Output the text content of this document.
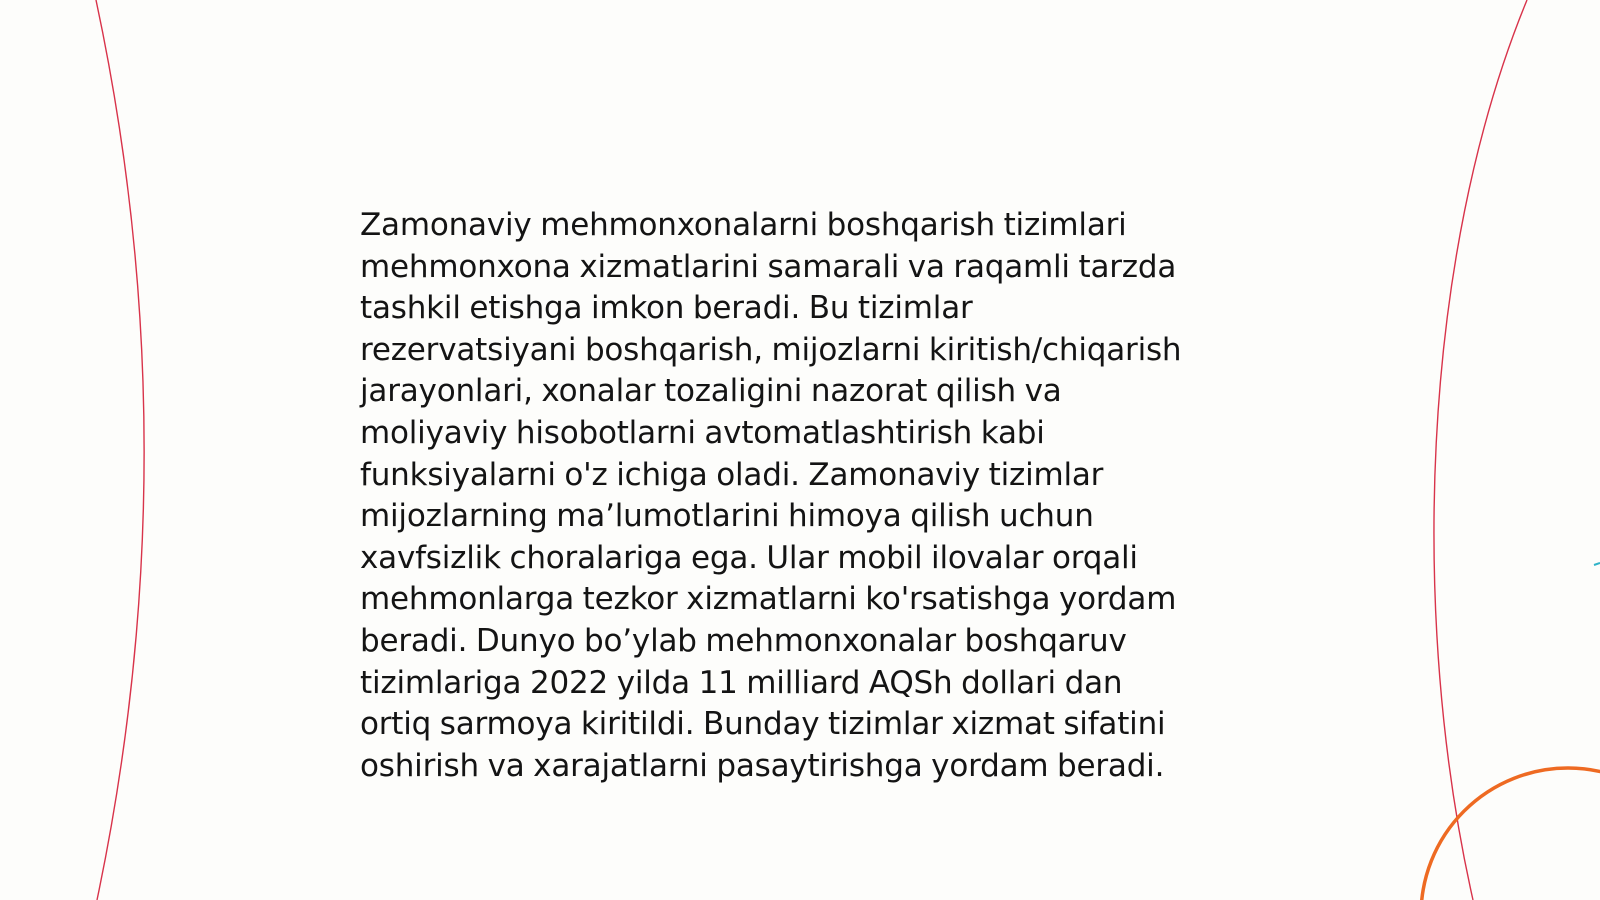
Zamonaviy mehmonxonalarni boshqarish tizimlari
mehmonxona xizmatlarini samarali va raqamli tarzda
tashkil etishga imkon beradi. Bu tizimlar
rezervatsiyani boshqarish, mijozlarni kiritish/chiqarish
jarayonlari, xonalar tozaligini nazorat qilish va
moliyaviy hisobotlarni avtomatlashtirish kabi
funksiyalarni o'z ichiga oladi. Zamonaviy tizimlar
mijozlarning ma’lumotlarini himoya qilish uchun
xavfsizlik choralariga ega. Ular mobil ilovalar orqali
mehmonlarga tezkor xizmatlarni ko'rsatishga yordam
beradi. Dunyo bo’ylab mehmonxonalar boshqaruv
tizimlariga 2022 yilda 11 milliard AQSh dollari dan
ortiq sarmoya kiritildi. Bunday tizimlar xizmat sifatini
oshirish va xarajatlarni pasaytirishga yordam beradi.
